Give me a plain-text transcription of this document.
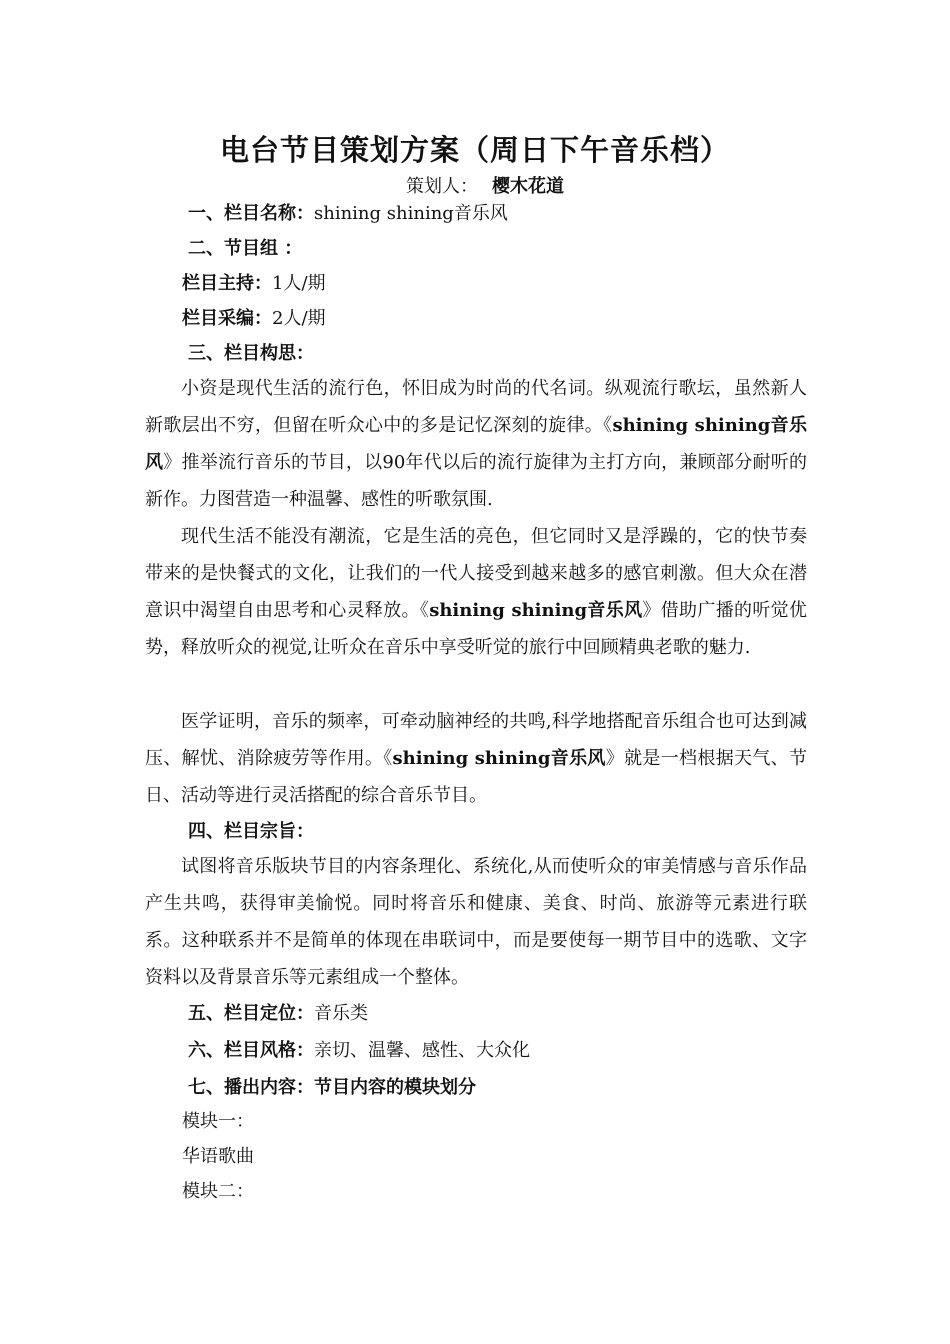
电台节目策划方案（周日下午音乐档）
策划人： 樱木花道
一、栏目名称：shining shining音乐风
二、节目组 ：
栏目主持：1人/期
栏目采编：2人/期
三、栏目构思：
小资是现代生活的流行色，怀旧成为时尚的代名词。纵观流行歌坛，虽然新人新歌层出不穷，但留在听众心中的多是记忆深刻的旋律。《shining shining音乐风》推举流行音乐的节目，以90年代以后的流行旋律为主打方向，兼顾部分耐听的新作。力图营造一种温馨、感性的听歌氛围.
现代生活不能没有潮流，它是生活的亮色，但它同时又是浮躁的，它的快节奏带来的是快餐式的文化，让我们的一代人接受到越来越多的感官刺激。但大众在潜意识中渴望自由思考和心灵释放。《shining shining音乐风》借助广播的听觉优势，释放听众的视觉,让听众在音乐中享受听觉的旅行中回顾精典老歌的魅力.
医学证明，音乐的频率，可牵动脑神经的共鸣,科学地搭配音乐组合也可达到减压、解忧、消除疲劳等作用。《shining shining音乐风》就是一档根据天气、节日、活动等进行灵活搭配的综合音乐节目。
四、栏目宗旨：
试图将音乐版块节目的内容条理化、系统化,从而使听众的审美情感与音乐作品产生共鸣，获得审美愉悦。同时将音乐和健康、美食、时尚、旅游等元素进行联系。这种联系并不是简单的体现在串联词中，而是要使每一期节目中的选歌、文字资料以及背景音乐等元素组成一个整体。
五、栏目定位：音乐类
六、栏目风格：亲切、温馨、感性、大众化
七、播出内容：节目内容的模块划分
模块一：
华语歌曲
模块二：
